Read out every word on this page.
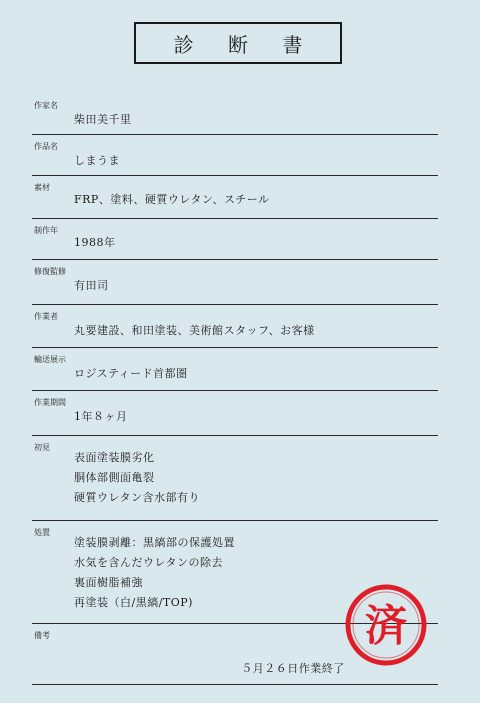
診 断 書
作家名
柴田美千里
作品名
しまうま
素材
FRP、塗料、硬質ウレタン、スチール
制作年
1988年
修復監修
有田司
作業者
丸要建設、和田塗装、美術館スタッフ、お客様
輸送展示
ロジスティード首都圏
作業期間
1年８ヶ月
初見
表面塗装膜劣化
胴体部側面亀裂
硬質ウレタン含水部有り
処置
塗装膜剥離：黒縞部の保護処置
水気を含んだウレタンの除去
裏面樹脂補強
再塗装（白/黒縞/TOP)
備考
５月２６日作業終了
済
